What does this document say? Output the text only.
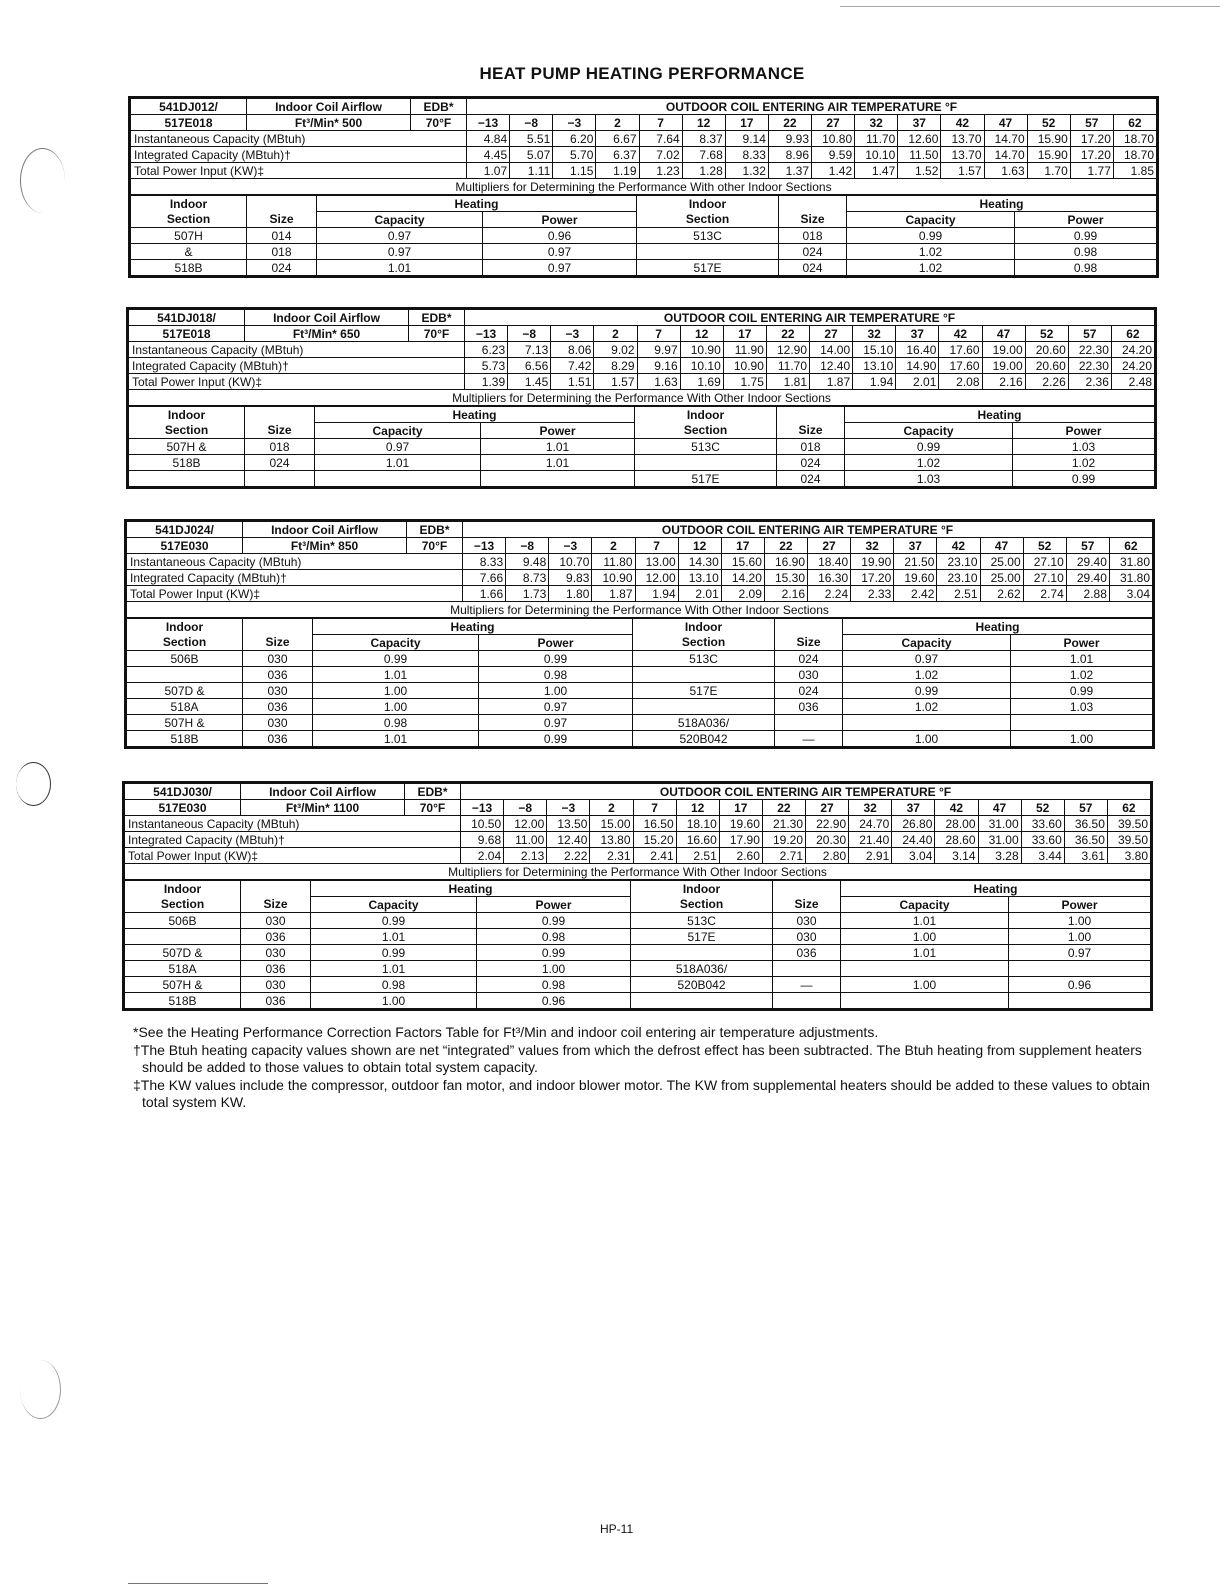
HEAT PUMP HEATING PERFORMANCE
541DJ012/	Indoor Coil Airflow	EDB*	OUTDOOR COIL ENTERING AIR TEMPERATURE °F															
517E018	Ft³/Min* 500	70°F	−13	−8	−3	2	7	12	17	22	27	32	37	42	47	52	57	62
Instantaneous Capacity (MBtuh)			4.84	5.51	6.20	6.67	7.64	8.37	9.14	9.93	10.80	11.70	12.60	13.70	14.70	15.90	17.20	18.70
Integrated Capacity (MBtuh)†			4.45	5.07	5.70	6.37	7.02	7.68	8.33	8.96	9.59	10.10	11.50	13.70	14.70	15.90	17.20	18.70
Total Power Input (KW)‡			1.07	1.11	1.15	1.19	1.23	1.28	1.32	1.37	1.42	1.47	1.52	1.57	1.63	1.70	1.77	1.85
Multipliers for Determining the Performance With other Indoor Sections																		
Indoor		Heating		Indoor		Heating	
Section	Size	Capacity	Power	Section	Size	Capacity	Power
507H	014	0.97	0.96	513C	018	0.99	0.99
&	018	0.97	0.97		024	1.02	0.98
518B	024	1.01	0.97	517E	024	1.02	0.98
541DJ018/	Indoor Coil Airflow	EDB*	OUTDOOR COIL ENTERING AIR TEMPERATURE °F															
517E018	Ft³/Min* 650	70°F	−13	−8	−3	2	7	12	17	22	27	32	37	42	47	52	57	62
Instantaneous Capacity (MBtuh)			6.23	7.13	8.06	9.02	9.97	10.90	11.90	12.90	14.00	15.10	16.40	17.60	19.00	20.60	22.30	24.20
Integrated Capacity (MBtuh)†			5.73	6.56	7.42	8.29	9.16	10.10	10.90	11.70	12.40	13.10	14.90	17.60	19.00	20.60	22.30	24.20
Total Power Input (KW)‡			1.39	1.45	1.51	1.57	1.63	1.69	1.75	1.81	1.87	1.94	2.01	2.08	2.16	2.26	2.36	2.48
Multipliers for Determining the Performance With Other Indoor Sections																		
Indoor		Heating		Indoor		Heating	
Section	Size	Capacity	Power	Section	Size	Capacity	Power
507H &	018	0.97	1.01	513C	018	0.99	1.03
518B	024	1.01	1.01		024	1.02	1.02
				517E	024	1.03	0.99
541DJ024/	Indoor Coil Airflow	EDB*	OUTDOOR COIL ENTERING AIR TEMPERATURE °F															
517E030	Ft³/Min* 850	70°F	−13	−8	−3	2	7	12	17	22	27	32	37	42	47	52	57	62
Instantaneous Capacity (MBtuh)			8.33	9.48	10.70	11.80	13.00	14.30	15.60	16.90	18.40	19.90	21.50	23.10	25.00	27.10	29.40	31.80
Integrated Capacity (MBtuh)†			7.66	8.73	9.83	10.90	12.00	13.10	14.20	15.30	16.30	17.20	19.60	23.10	25.00	27.10	29.40	31.80
Total Power Input (KW)‡			1.66	1.73	1.80	1.87	1.94	2.01	2.09	2.16	2.24	2.33	2.42	2.51	2.62	2.74	2.88	3.04
Multipliers for Determining the Performance With Other Indoor Sections																		
Indoor		Heating		Indoor		Heating	
Section	Size	Capacity	Power	Section	Size	Capacity	Power
506B	030	0.99	0.99	513C	024	0.97	1.01
	036	1.01	0.98		030	1.02	1.02
507D &	030	1.00	1.00	517E	024	0.99	0.99
518A	036	1.00	0.97		036	1.02	1.03
507H &	030	0.98	0.97	518A036/			
518B	036	1.01	0.99	520B042	—	1.00	1.00
541DJ030/	Indoor Coil Airflow	EDB*	OUTDOOR COIL ENTERING AIR TEMPERATURE °F															
517E030	Ft³/Min* 1100	70°F	−13	−8	−3	2	7	12	17	22	27	32	37	42	47	52	57	62
Instantaneous Capacity (MBtuh)			10.50	12.00	13.50	15.00	16.50	18.10	19.60	21.30	22.90	24.70	26.80	28.00	31.00	33.60	36.50	39.50
Integrated Capacity (MBtuh)†			9.68	11.00	12.40	13.80	15.20	16.60	17.90	19.20	20.30	21.40	24.40	28.60	31.00	33.60	36.50	39.50
Total Power Input (KW)‡			2.04	2.13	2.22	2.31	2.41	2.51	2.60	2.71	2.80	2.91	3.04	3.14	3.28	3.44	3.61	3.80
Multipliers for Determining the Performance With Other Indoor Sections																		
Indoor		Heating		Indoor		Heating	
Section	Size	Capacity	Power	Section	Size	Capacity	Power
506B	030	0.99	0.99	513C	030	1.01	1.00
	036	1.01	0.98	517E	030	1.00	1.00
507D &	030	0.99	0.99		036	1.01	0.97
518A	036	1.01	1.00	518A036/			
507H &	030	0.98	0.98	520B042	—	1.00	0.96
518B	036	1.00	0.96				

*See the Heating Performance Correction Factors Table for Ft³/Min and indoor coil entering air temperature adjustments.

†The Btuh heating capacity values shown are net “integrated” values from which the defrost effect has been subtracted. The Btuh heating from supplement heaters should be added to those values to obtain total system capacity.

‡The KW values include the compressor, outdoor fan motor, and indoor blower motor. The KW from supplemental heaters should be added to these values to obtain total system KW.

HP-11
